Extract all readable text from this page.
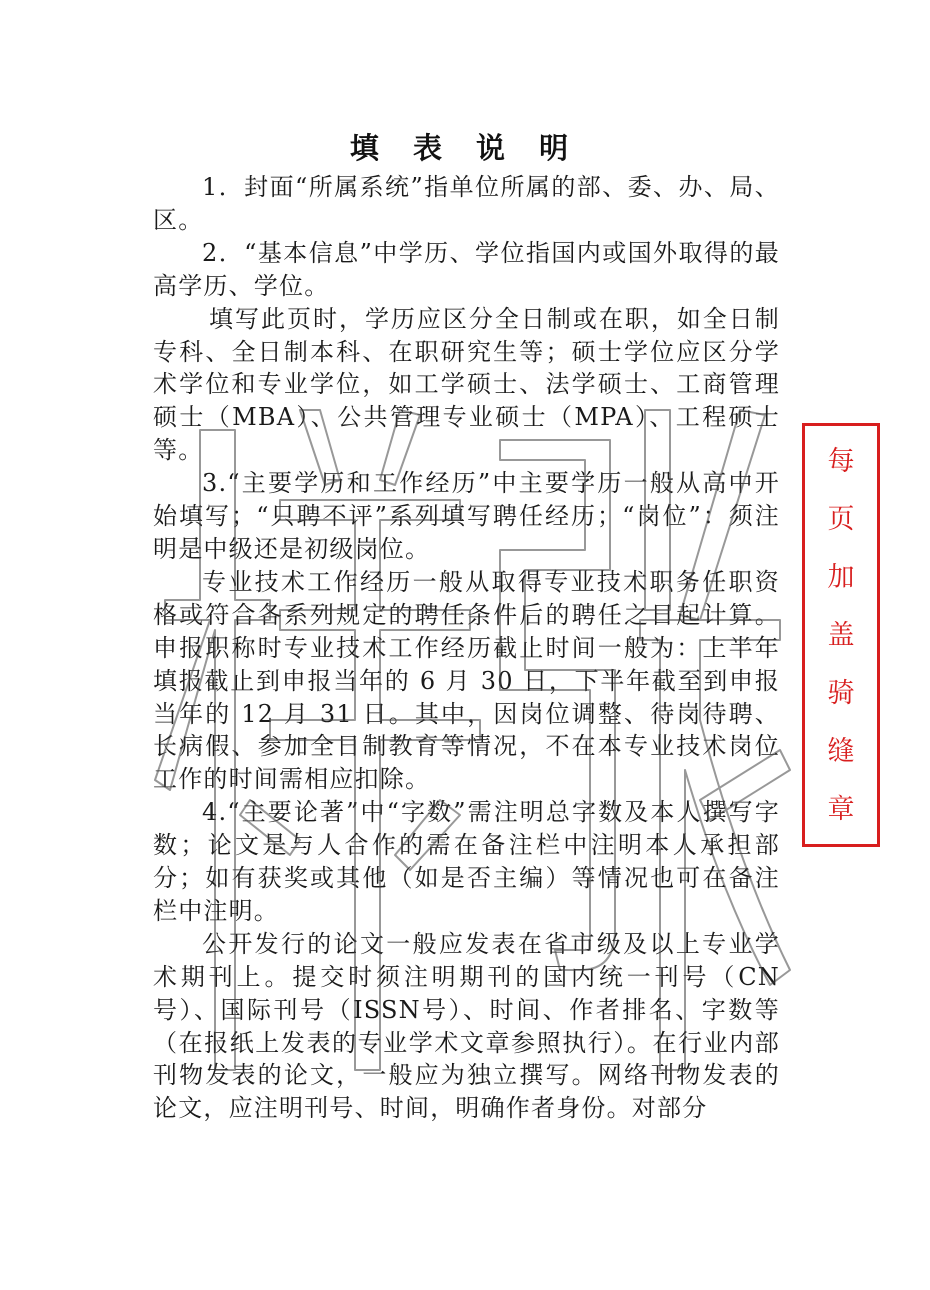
填 表 说 明

1．封面“所属系统”指单位所属的部、委、办、局、区。

2．“基本信息”中学历、学位指国内或国外取得的最高学历、学位。

填写此页时，学历应区分全日制或在职，如全日制专科、全日制本科、在职研究生等；硕士学位应区分学术学位和专业学位，如工学硕士、法学硕士、工商管理硕士（MBA）、公共管理专业硕士（MPA）、工程硕士等。

3.“主要学历和工作经历”中主要学历一般从高中开始填写；“只聘不评”系列填写聘任经历；“岗位”：须注明是中级还是初级岗位。

专业技术工作经历一般从取得专业技术职务任职资格或符合各系列规定的聘任条件后的聘任之日起计算。申报职称时专业技术工作经历截止时间一般为：上半年填报截止到申报当年的 6 月 30 日，下半年截至到申报当年的 12 月 31 日。其中，因岗位调整、待岗待聘、长病假、参加全日制教育等情况，不在本专业技术岗位工作的时间需相应扣除。

4.“主要论著”中“字数”需注明总字数及本人撰写字数；论文是与人合作的需在备注栏中注明本人承担部分；如有获奖或其他（如是否主编）等情况也可在备注栏中注明。

公开发行的论文一般应发表在省市级及以上专业学术期刊上。提交时须注明期刊的国内统一刊号（CN号）、国际刊号（ISSN号）、时间、作者排名、字数等（在报纸上发表的专业学术文章参照执行）。在行业内部刊物发表的论文，一般应为独立撰写。网络刊物发表的论文，应注明刊号、时间，明确作者身份。对部分

每
页
加
盖
骑
缝
章
